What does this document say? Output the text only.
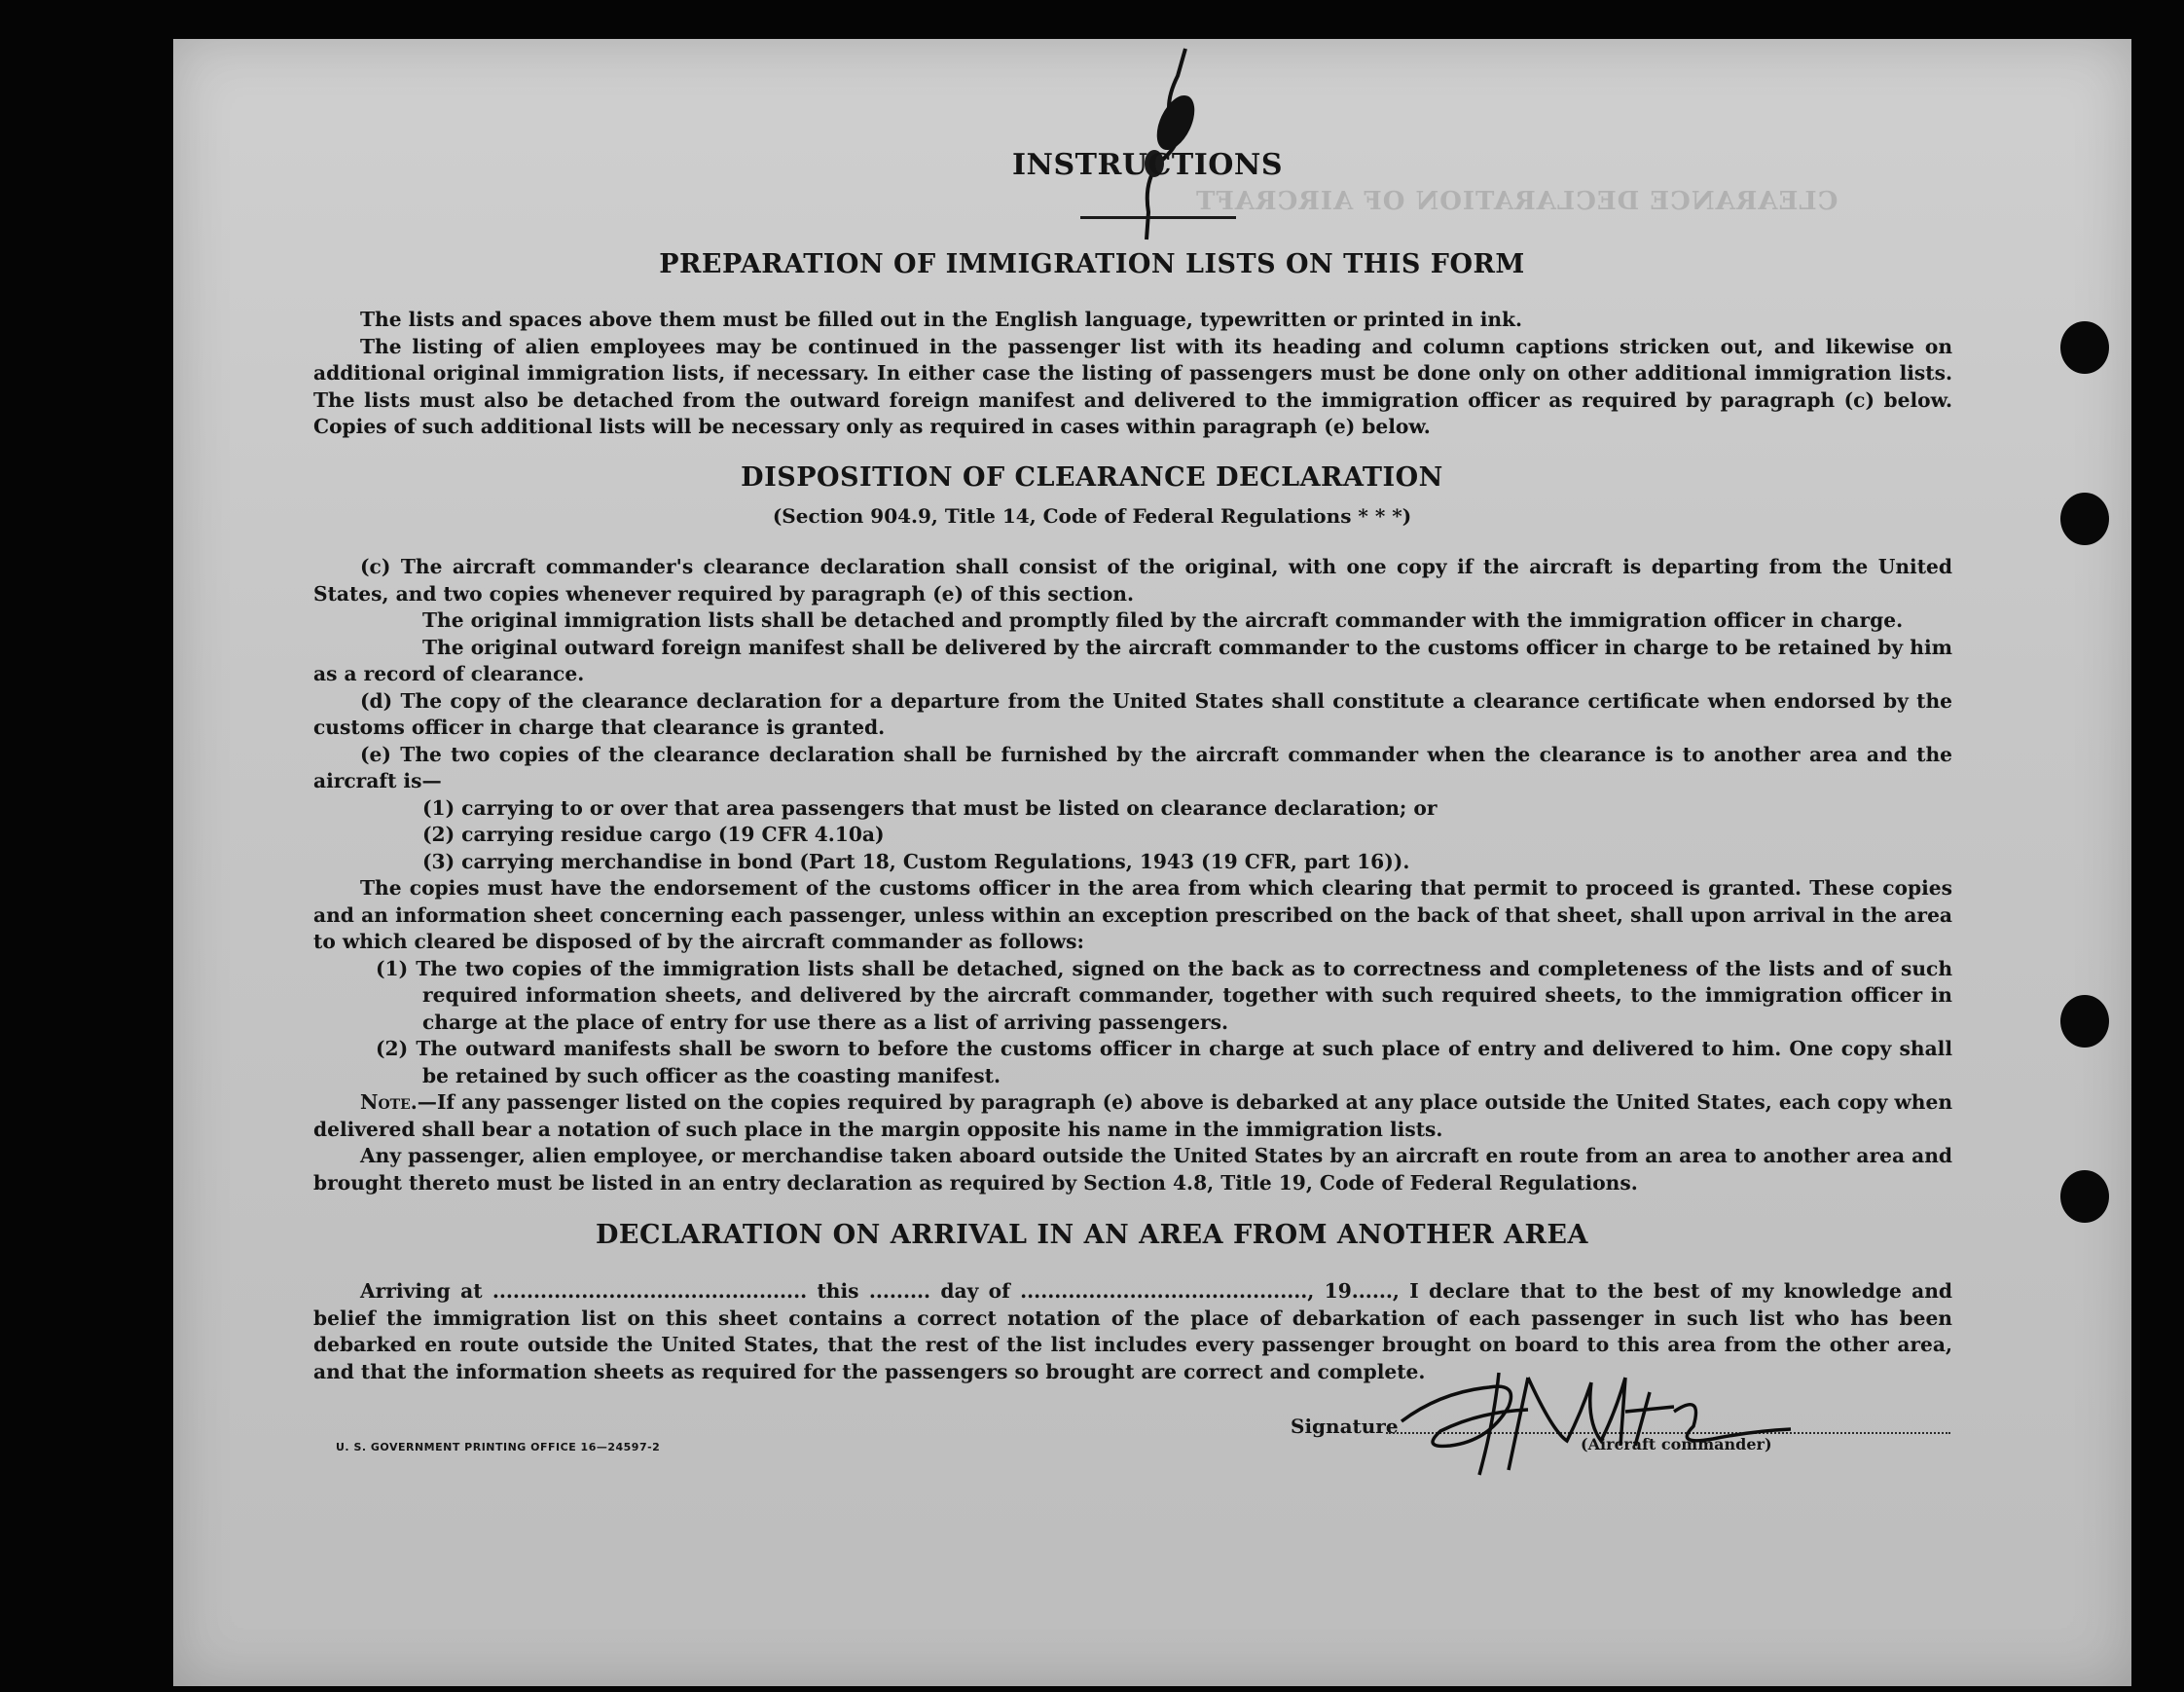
CLEARANCE DECLARATION OF AIRCRAFT
INSTRUCTIONS
PREPARATION OF IMMIGRATION LISTS ON THIS FORM

The lists and spaces above them must be filled out in the English language, typewritten or printed in ink.

The listing of alien employees may be continued in the passenger list with its heading and column captions stricken out, and likewise on additional original immigration lists, if necessary. In either case the listing of passengers must be done only on other additional immigration lists. The lists must also be detached from the outward foreign manifest and delivered to the immigration officer as required by paragraph (c) below. Copies of such additional lists will be necessary only as required in cases within paragraph (e) below.

DISPOSITION OF CLEARANCE DECLARATION
(Section 904.9, Title 14, Code of Federal Regulations * * *)

(c) The aircraft commander's clearance declaration shall consist of the original, with one copy if the aircraft is departing from the United States, and two copies whenever required by paragraph (e) of this section.

The original immigration lists shall be detached and promptly filed by the aircraft commander with the immigration officer in charge.

The original outward foreign manifest shall be delivered by the aircraft commander to the customs officer in charge to be retained by him as a record of clearance.

(d) The copy of the clearance declaration for a departure from the United States shall constitute a clearance certificate when endorsed by the customs officer in charge that clearance is granted.

(e) The two copies of the clearance declaration shall be furnished by the aircraft commander when the clearance is to another area and the aircraft is—

(1) carrying to or over that area passengers that must be listed on clearance declaration; or

(2) carrying residue cargo (19 CFR 4.10a)

(3) carrying merchandise in bond (Part 18, Custom Regulations, 1943 (19 CFR, part 16)).

The copies must have the endorsement of the customs officer in the area from which clearing that permit to proceed is granted. These copies and an information sheet concerning each passenger, unless within an exception prescribed on the back of that sheet, shall upon arrival in the area to which cleared be disposed of by the aircraft commander as follows:

(1) The two copies of the immigration lists shall be detached, signed on the back as to correctness and completeness of the lists and of such required information sheets, and delivered by the aircraft commander, together with such required sheets, to the immigration officer in charge at the place of entry for use there as a list of arriving passengers.

(2) The outward manifests shall be sworn to before the customs officer in charge at such place of entry and delivered to him. One copy shall be retained by such officer as the coasting manifest.

Note.—If any passenger listed on the copies required by paragraph (e) above is debarked at any place outside the United States, each copy when delivered shall bear a notation of such place in the margin opposite his name in the immigration lists.

Any passenger, alien employee, or merchandise taken aboard outside the United States by an aircraft en route from an area to another area and brought thereto must be listed in an entry declaration as required by Section 4.8, Title 19, Code of Federal Regulations.

DECLARATION ON ARRIVAL IN AN AREA FROM ANOTHER AREA

Arriving at .............................................. this ......... day of .........................................., 19......, I declare that to the best of my knowledge and belief the immigration list on this sheet contains a correct notation of the place of debarkation of each passenger in such list who has been debarked en route outside the United States, that the rest of the list includes every passenger brought on board to this area from the other area, and that the information sheets as required for the passengers so brought are correct and complete.

Signature
(Aircraft commander)
U. S. GOVERNMENT PRINTING OFFICE 16—24597-2
